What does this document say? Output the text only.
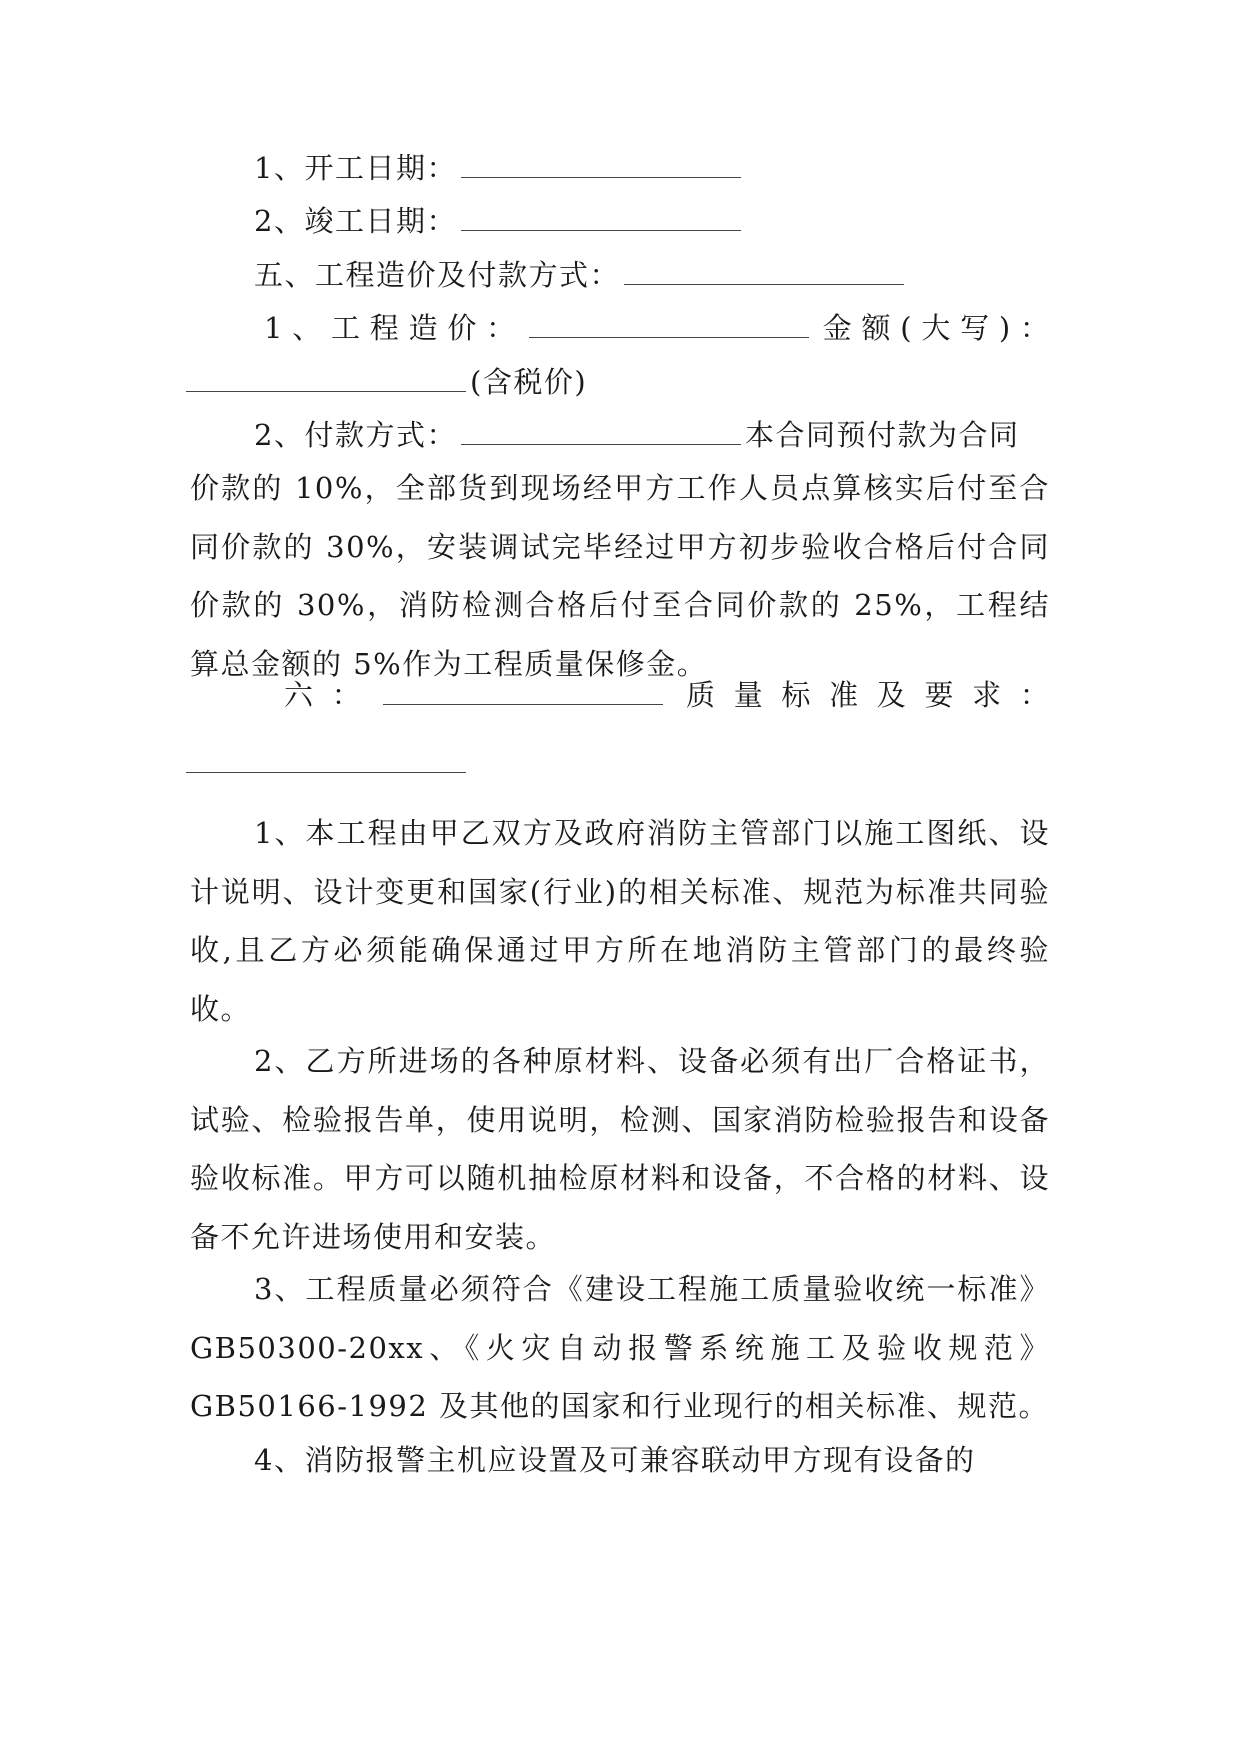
1、开工日期：
2、竣工日期：
五、工程造价及付款方式：
1 、 工 程 造 价 ：	金 额 ( 大 写 ) ：
(含税价)
2、付款方式：	本合同预付款为合同

价款的 10%，全部货到现场经甲方工作人员点算核实后付至合同价款的 30%，安装调试完毕经过甲方初步验收合格后付合同价款的 30%，消防检测合格后付至合同价款的 25%，工程结算总金额的 5%作为工程质量保修金。

六 ：	质 量 标 准 及 要 求 ：

1、本工程由甲乙双方及政府消防主管部门以施工图纸、设计说明、设计变更和国家(行业)的相关标准、规范为标准共同验收,且乙方必须能确保通过甲方所在地消防主管部门的最终验收。

2、乙方所进场的各种原材料、设备必须有出厂合格证书，试验、检验报告单，使用说明，检测、国家消防检验报告和设备验收标准。甲方可以随机抽检原材料和设备，不合格的材料、设备不允许进场使用和安装。

3、工程质量必须符合《建设工程施工质量验收统一标准》GB50300-20xx、《火灾自动报警系统施工及验收规范》GB50166-1992 及其他的国家和行业现行的相关标准、规范。

4、消防报警主机应设置及可兼容联动甲方现有设备的
